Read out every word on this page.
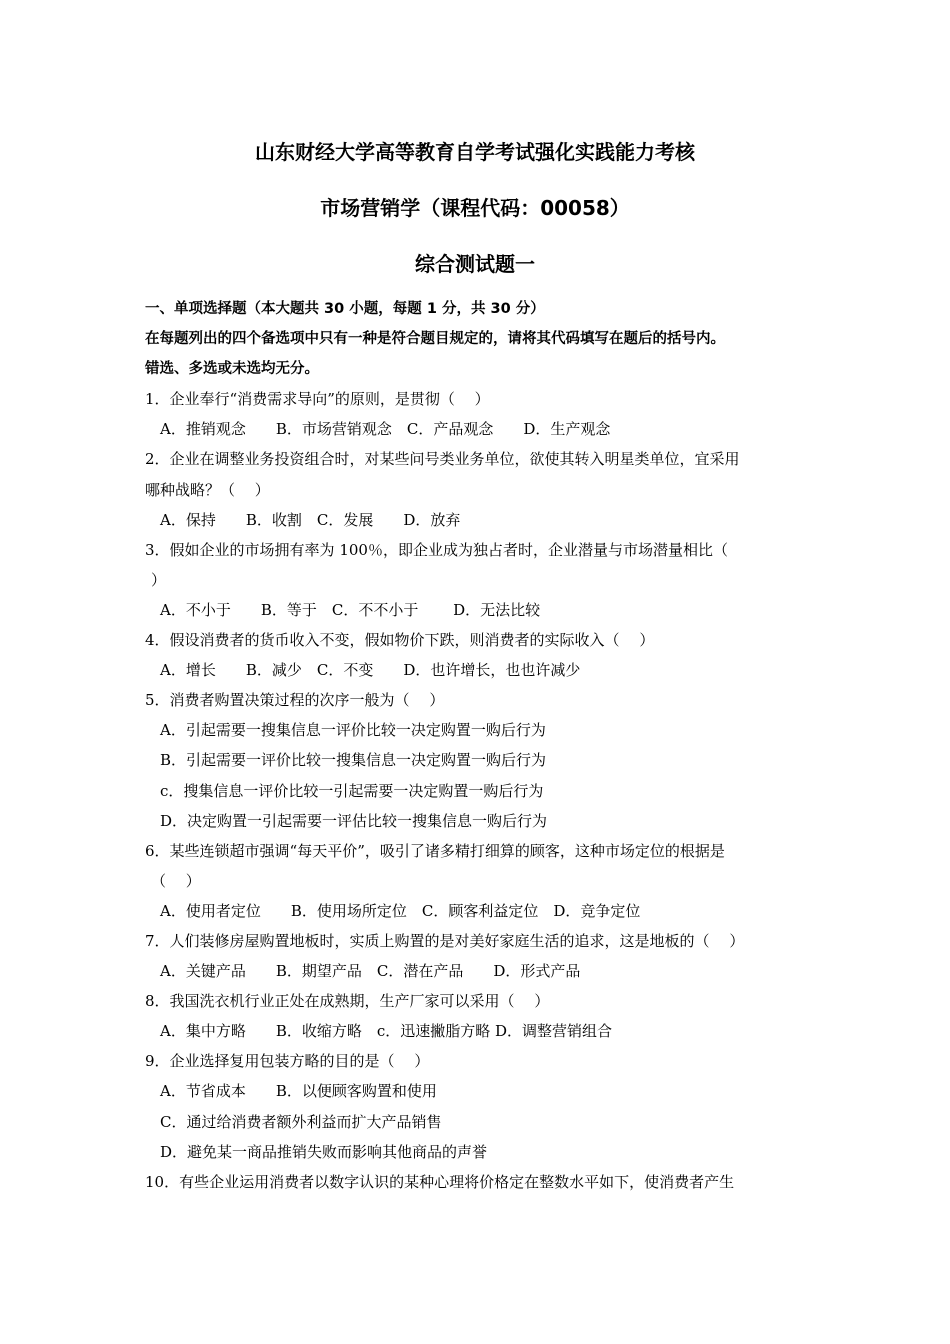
山东财经大学高等教育自学考试强化实践能力考核
市场营销学（课程代码：00058）
综合测试题一
一、单项选择题（本大题共 30 小题，每题 1 分，共 30 分）
在每题列出的四个备选项中只有一种是符合题目规定的，请将其代码填写在题后的括号内。
错选、多选或未选均无分。
1．企业奉行“消费需求导向”的原则，是贯彻（　 ）
A．推销观念　　B．市场营销观念　C．产品观念　　D．生产观念
2．企业在调整业务投资组合时，对某些问号类业务单位，欲使其转入明星类单位，宜采用
哪种战略？（　 ）
A．保持　　B．收割　C．发展　　D．放弃
3．假如企业的市场拥有率为 100％，即企业成为独占者时，企业潜量与市场潜量相比（
）
A．不小于　　B．等于　C．不不小于　　 D．无法比较
4．假设消费者的货币收入不变，假如物价下跌，则消费者的实际收入（　 ）
A．增长　　B．减少　C．不变　　D．也许增长，也也许减少
5．消费者购置决策过程的次序一般为（　 ）
A．引起需要一搜集信息一评价比较一决定购置一购后行为
B．引起需要一评价比较一搜集信息一决定购置一购后行为
c．搜集信息一评价比较一引起需要一决定购置一购后行为
D．决定购置一引起需要一评估比较一搜集信息一购后行为
6．某些连锁超市强调“每天平价”，吸引了诸多精打细算的顾客，这种市场定位的根据是
（　 ）
A．使用者定位　　B．使用场所定位　C．顾客利益定位　D．竞争定位
7．人们装修房屋购置地板时，实质上购置的是对美好家庭生活的追求，这是地板的（　 ）
A．关键产品　　B．期望产品　C．潜在产品　　D．形式产品
8．我国洗衣机行业正处在成熟期，生产厂家可以采用（　 ）
A．集中方略　　B．收缩方略　c．迅速撇脂方略 D．调整营销组合
9．企业选择复用包装方略的目的是（　 ）
A．节省成本　　B．以便顾客购置和使用
C．通过给消费者额外利益而扩大产品销售
D．避免某一商品推销失败而影响其他商品的声誉
10．有些企业运用消费者以数字认识的某种心理将价格定在整数水平如下，使消费者产生
